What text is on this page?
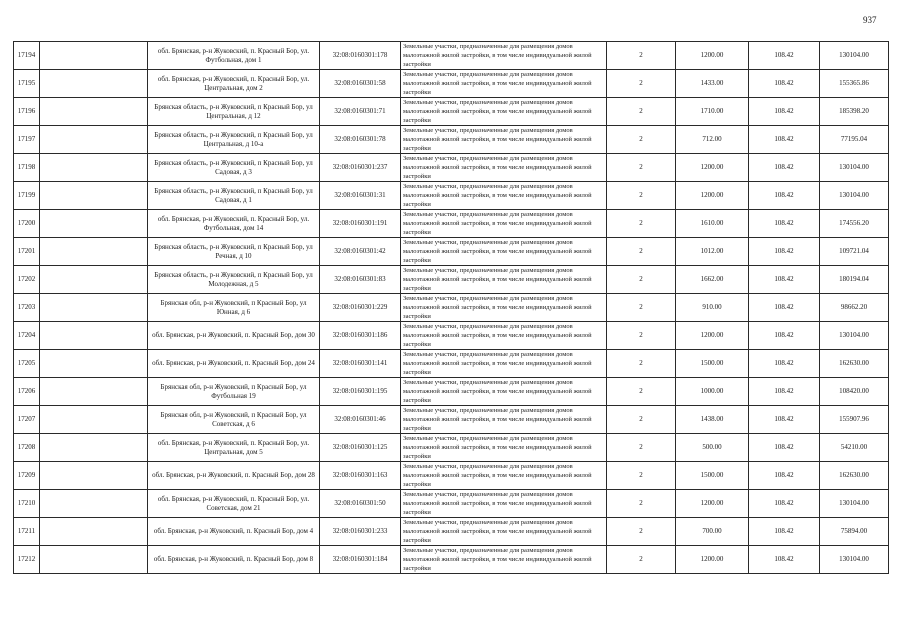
937
17194		обл. Брянская, р-н Жуковский, п. Красный Бор, ул. Футбольная, дом 1	32:08:0160301:178	Земельные участки, предназначенные для размещения домов малоэтажной жилой застройки, в том числе индивидуальной жилой застройки	2	1200.00	108.42	130104.00
17195		обл. Брянская, р-н Жуковский, п. Красный Бор, ул. Центральная, дом 2	32:08:0160301:58	Земельные участки, предназначенные для размещения домов малоэтажной жилой застройки, в том числе индивидуальной жилой застройки	2	1433.00	108.42	155365.86
17196		Брянская область, р-н Жуковский, п Красный Бор, ул Центральная, д 12	32:08:0160301:71	Земельные участки, предназначенные для размещения домов малоэтажной жилой застройки, в том числе индивидуальной жилой застройки	2	1710.00	108.42	185398.20
17197		Брянская область, р-н Жуковский, п Красный Бор, ул Центральная, д 10-а	32:08:0160301:78	Земельные участки, предназначенные для размещения домов малоэтажной жилой застройки, в том числе индивидуальной жилой застройки	2	712.00	108.42	77195.04
17198		Брянская область, р-н Жуковский, п Красный Бор, ул Садовая, д 3	32:08:0160301:237	Земельные участки, предназначенные для размещения домов малоэтажной жилой застройки, в том числе индивидуальной жилой застройки	2	1200.00	108.42	130104.00
17199		Брянская область, р-н Жуковский, п Красный Бор, ул Садовая, д 1	32:08:0160301:31	Земельные участки, предназначенные для размещения домов малоэтажной жилой застройки, в том числе индивидуальной жилой застройки	2	1200.00	108.42	130104.00
17200		обл. Брянская, р-н Жуковский, п. Красный Бор, ул. Футбольная, дом 14	32:08:0160301:191	Земельные участки, предназначенные для размещения домов малоэтажной жилой застройки, в том числе индивидуальной жилой застройки	2	1610.00	108.42	174556.20
17201		Брянская область, р-н Жуковский, п Красный Бор, ул Речная, д 10	32:08:0160301:42	Земельные участки, предназначенные для размещения домов малоэтажной жилой застройки, в том числе индивидуальной жилой застройки	2	1012.00	108.42	109721.04
17202		Брянская область, р-н Жуковский, п Красный Бор, ул Молодежная, д 5	32:08:0160301:83	Земельные участки, предназначенные для размещения домов малоэтажной жилой застройки, в том числе индивидуальной жилой застройки	2	1662.00	108.42	180194.04
17203		Брянская обл, р-н Жуковский, п Красный Бор, ул Юнная, д 6	32:08:0160301:229	Земельные участки, предназначенные для размещения домов малоэтажной жилой застройки, в том числе индивидуальной жилой застройки	2	910.00	108.42	98662.20
17204		обл. Брянская, р-н Жуковский, п. Красный Бор, дом 30	32:08:0160301:186	Земельные участки, предназначенные для размещения домов малоэтажной жилой застройки, в том числе индивидуальной жилой застройки	2	1200.00	108.42	130104.00
17205		обл. Брянская, р-н Жуковский, п. Красный Бор, дом 24	32:08:0160301:141	Земельные участки, предназначенные для размещения домов малоэтажной жилой застройки, в том числе индивидуальной жилой застройки	2	1500.00	108.42	162630.00
17206		Брянская обл, р-н Жуковский, п Красный Бор, ул Футбольная 19	32:08:0160301:195	Земельные участки, предназначенные для размещения домов малоэтажной жилой застройки, в том числе индивидуальной жилой застройки	2	1000.00	108.42	108420.00
17207		Брянская обл, р-н Жуковский, п Красный Бор, ул Советская, д 6	32:08:0160301:46	Земельные участки, предназначенные для размещения домов малоэтажной жилой застройки, в том числе индивидуальной жилой застройки	2	1438.00	108.42	155907.96
17208		обл. Брянская, р-н Жуковский, п. Красный Бор, ул. Центральная, дом 5	32:08:0160301:125	Земельные участки, предназначенные для размещения домов малоэтажной жилой застройки, в том числе индивидуальной жилой застройки	2	500.00	108.42	54210.00
17209		обл. Брянская, р-н Жуковский, п. Красный Бор, дом 28	32:08:0160301:163	Земельные участки, предназначенные для размещения домов малоэтажной жилой застройки, в том числе индивидуальной жилой застройки	2	1500.00	108.42	162630.00
17210		обл. Брянская, р-н Жуковский, п. Красный Бор, ул. Советская, дом 21	32:08:0160301:50	Земельные участки, предназначенные для размещения домов малоэтажной жилой застройки, в том числе индивидуальной жилой застройки	2	1200.00	108.42	130104.00
17211		обл. Брянская, р-н Жуковский, п. Красный Бор, дом 4	32:08:0160301:233	Земельные участки, предназначенные для размещения домов малоэтажной жилой застройки, в том числе индивидуальной жилой застройки	2	700.00	108.42	75894.00
17212		обл. Брянская, р-н Жуковский, п. Красный Бор, дом 8	32:08:0160301:184	Земельные участки, предназначенные для размещения домов малоэтажной жилой застройки, в том числе индивидуальной жилой застройки	2	1200.00	108.42	130104.00
